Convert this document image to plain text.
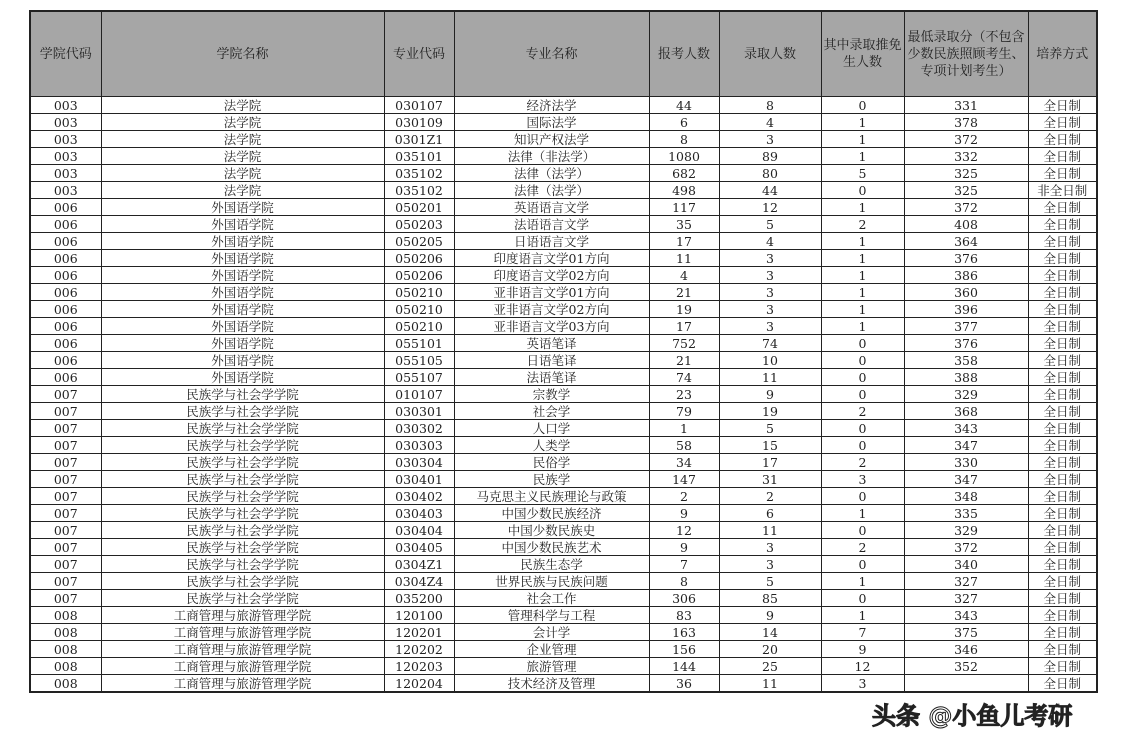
学院代码	学院名称	专业代码	专业名称	报考人数	录取人数	其中录取推免生人数	最低录取分（不包含少数民族照顾考生、专项计划考生）	培养方式
003	法学院	030107	经济法学	44	8	0	331	全日制
003	法学院	030109	国际法学	6	4	1	378	全日制
003	法学院	0301Z1	知识产权法学	8	3	1	372	全日制
003	法学院	035101	法律（非法学）	1080	89	1	332	全日制
003	法学院	035102	法律（法学）	682	80	5	325	全日制
003	法学院	035102	法律（法学）	498	44	0	325	非全日制
006	外国语学院	050201	英语语言文学	117	12	1	372	全日制
006	外国语学院	050203	法语语言文学	35	5	2	408	全日制
006	外国语学院	050205	日语语言文学	17	4	1	364	全日制
006	外国语学院	050206	印度语言文学01方向	11	3	1	376	全日制
006	外国语学院	050206	印度语言文学02方向	4	3	1	386	全日制
006	外国语学院	050210	亚非语言文学01方向	21	3	1	360	全日制
006	外国语学院	050210	亚非语言文学02方向	19	3	1	396	全日制
006	外国语学院	050210	亚非语言文学03方向	17	3	1	377	全日制
006	外国语学院	055101	英语笔译	752	74	0	376	全日制
006	外国语学院	055105	日语笔译	21	10	0	358	全日制
006	外国语学院	055107	法语笔译	74	11	0	388	全日制
007	民族学与社会学学院	010107	宗教学	23	9	0	329	全日制
007	民族学与社会学学院	030301	社会学	79	19	2	368	全日制
007	民族学与社会学学院	030302	人口学	1	5	0	343	全日制
007	民族学与社会学学院	030303	人类学	58	15	0	347	全日制
007	民族学与社会学学院	030304	民俗学	34	17	2	330	全日制
007	民族学与社会学学院	030401	民族学	147	31	3	347	全日制
007	民族学与社会学学院	030402	马克思主义民族理论与政策	2	2	0	348	全日制
007	民族学与社会学学院	030403	中国少数民族经济	9	6	1	335	全日制
007	民族学与社会学学院	030404	中国少数民族史	12	11	0	329	全日制
007	民族学与社会学学院	030405	中国少数民族艺术	9	3	2	372	全日制
007	民族学与社会学学院	0304Z1	民族生态学	7	3	0	340	全日制
007	民族学与社会学学院	0304Z4	世界民族与民族问题	8	5	1	327	全日制
007	民族学与社会学学院	035200	社会工作	306	85	0	327	全日制
008	工商管理与旅游管理学院	120100	管理科学与工程	83	9	1	343	全日制
008	工商管理与旅游管理学院	120201	会计学	163	14	7	375	全日制
008	工商管理与旅游管理学院	120202	企业管理	156	20	9	346	全日制
008	工商管理与旅游管理学院	120203	旅游管理	144	25	12	352	全日制
008	工商管理与旅游管理学院	120204	技术经济及管理	36	11	3		全日制
头条 @小鱼儿考研
